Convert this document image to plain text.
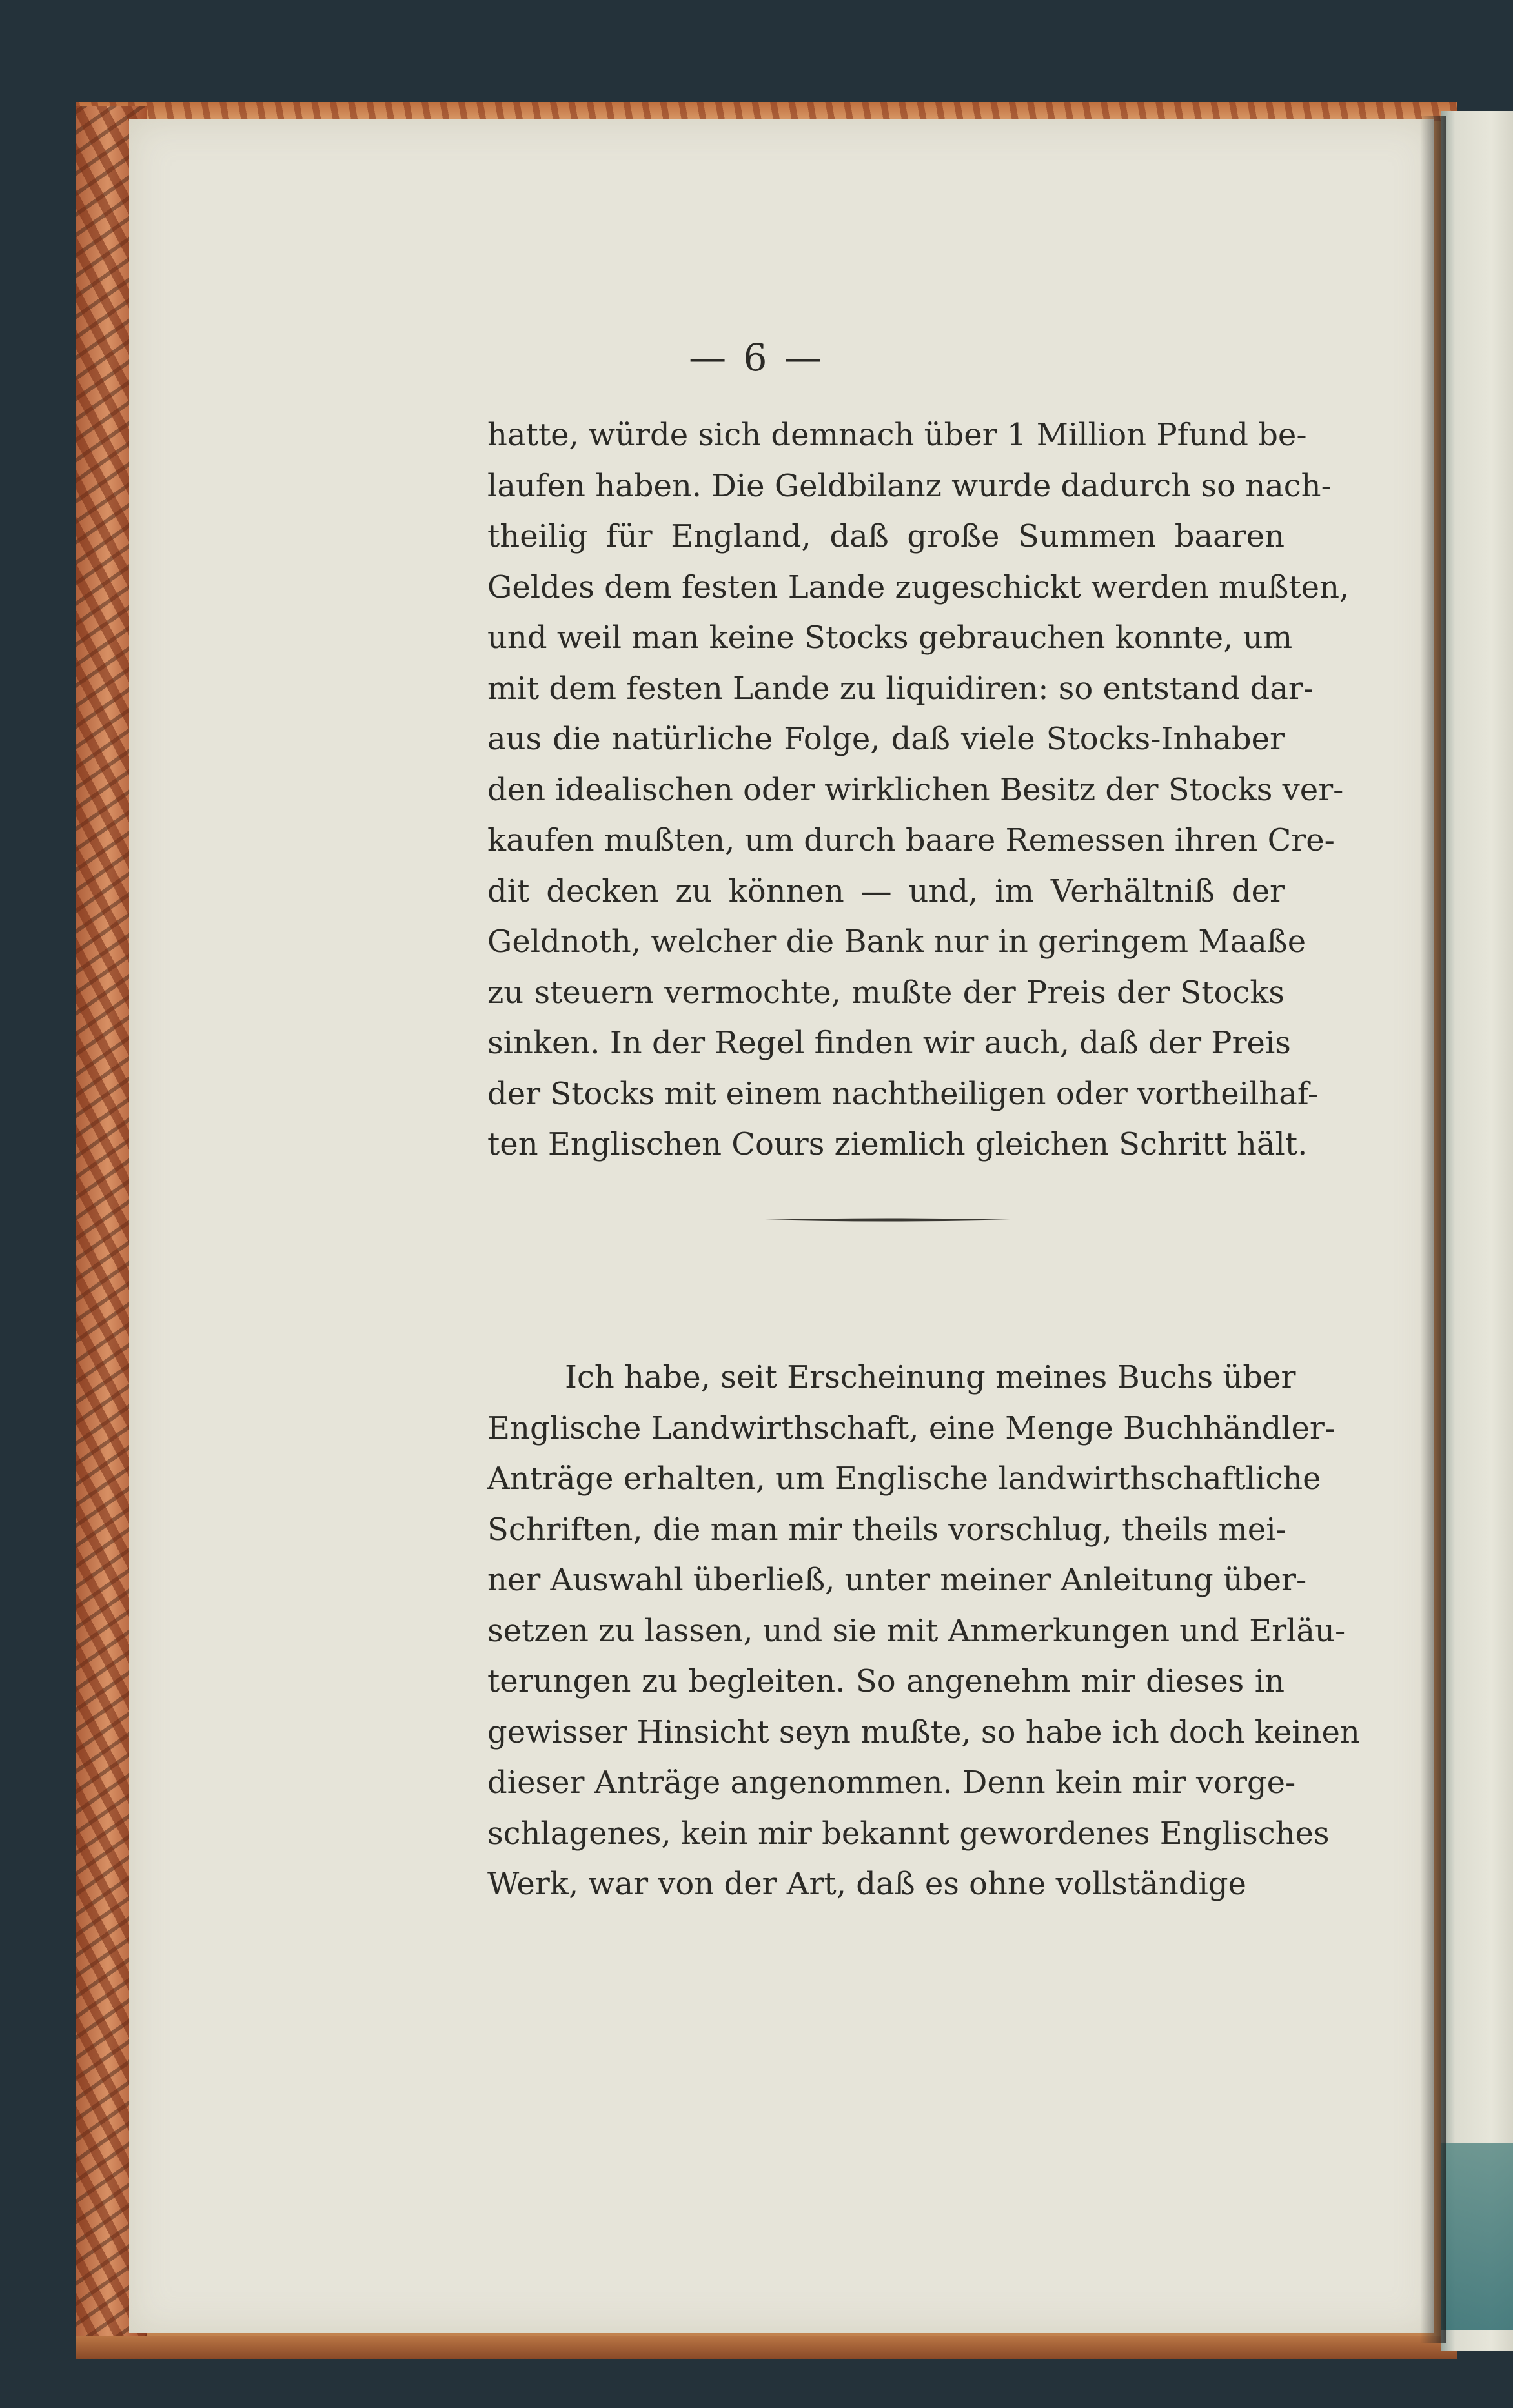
— 6 —
hatte, würde sich demnach über 1 Million Pfund be-
laufen haben. Die Geldbilanz wurde dadurch so nach-
theilig für England, daß große Summen baaren
Geldes dem festen Lande zugeschickt werden mußten,
und weil man keine Stocks gebrauchen konnte, um
mit dem festen Lande zu liquidiren: so entstand dar-
aus die natürliche Folge, daß viele Stocks-Inhaber
den idealischen oder wirklichen Besitz der Stocks ver-
kaufen mußten, um durch baare Remessen ihren Cre-
dit decken zu können — und, im Verhältniß der
Geldnoth, welcher die Bank nur in geringem Maaße
zu steuern vermochte, mußte der Preis der Stocks
sinken. In der Regel finden wir auch, daß der Preis
der Stocks mit einem nachtheiligen oder vortheilhaf-
ten Englischen Cours ziemlich gleichen Schritt hält.
Ich habe, seit Erscheinung meines Buchs über
Englische Landwirthschaft, eine Menge Buchhändler-
Anträge erhalten, um Englische landwirthschaftliche
Schriften, die man mir theils vorschlug, theils mei-
ner Auswahl überließ, unter meiner Anleitung über-
setzen zu lassen, und sie mit Anmerkungen und Erläu-
terungen zu begleiten. So angenehm mir dieses in
gewisser Hinsicht seyn mußte, so habe ich doch keinen
dieser Anträge angenommen. Denn kein mir vorge-
schlagenes, kein mir bekannt gewordenes Englisches
Werk, war von der Art, daß es ohne vollständige
